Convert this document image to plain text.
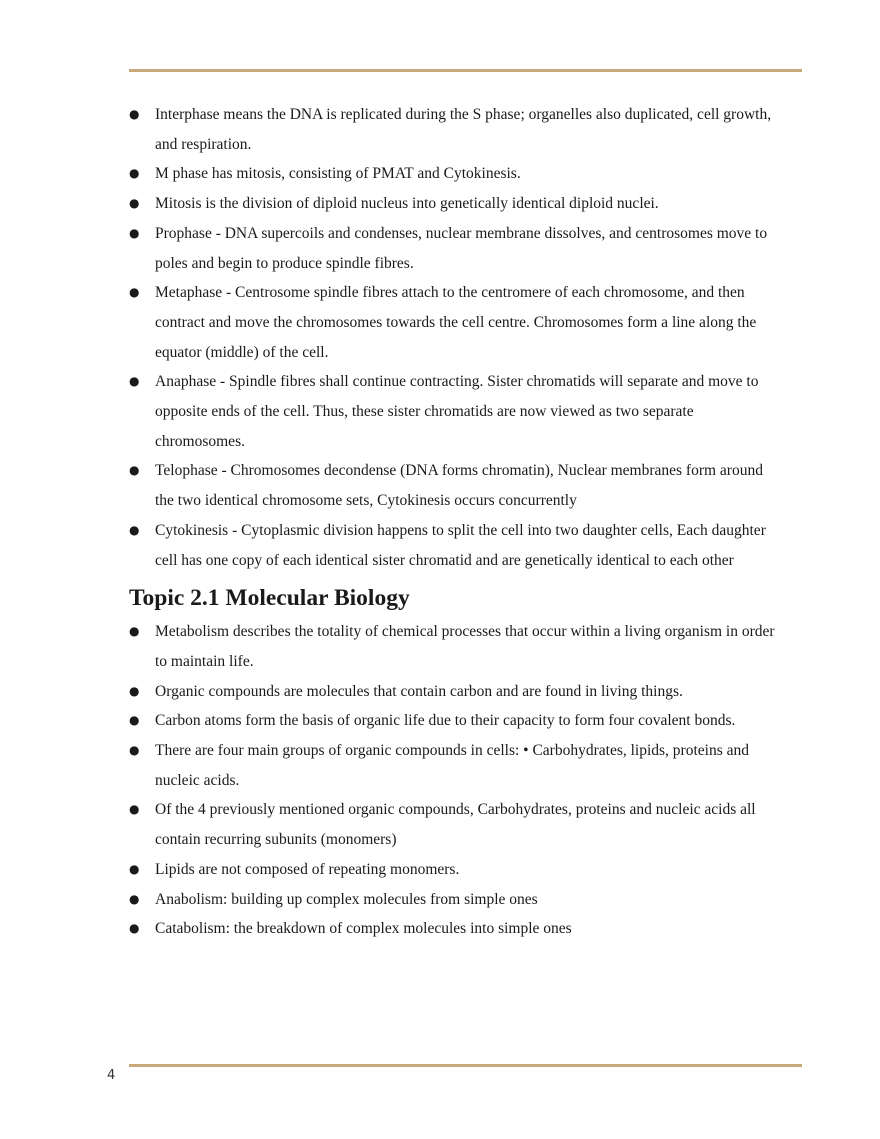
● Interphase means the DNA is replicated during the S phase; organelles also duplicated, cell growth, and respiration.
● M phase has mitosis, consisting of PMAT and Cytokinesis.
● Mitosis is the division of diploid nucleus into genetically identical diploid nuclei.
● Prophase - DNA supercoils and condenses, nuclear membrane dissolves, and centrosomes move to poles and begin to produce spindle fibres.
● Metaphase - Centrosome spindle fibres attach to the centromere of each chromosome, and then contract and move the chromosomes towards the cell centre. Chromosomes form a line along the equator (middle) of the cell.
● Anaphase - Spindle fibres shall continue contracting. Sister chromatids will separate and move to opposite ends of the cell. Thus, these sister chromatids are now viewed as two separate chromosomes.
● Telophase - Chromosomes decondense (DNA forms chromatin), Nuclear membranes form around the two identical chromosome sets, Cytokinesis occurs concurrently
● Cytokinesis - Cytoplasmic division happens to split the cell into two daughter cells, Each daughter cell has one copy of each identical sister chromatid and are genetically identical to each other
Topic 2.1 Molecular Biology
● Metabolism describes the totality of chemical processes that occur within a living organism in order to maintain life.
● Organic compounds are molecules that contain carbon and are found in living things.
● Carbon atoms form the basis of organic life due to their capacity to form four covalent bonds.
● There are four main groups of organic compounds in cells: • Carbohydrates, lipids, proteins and nucleic acids.
● Of the 4 previously mentioned organic compounds, Carbohydrates, proteins and nucleic acids all contain recurring subunits (monomers)
● Lipids are not composed of repeating monomers.
● Anabolism: building up complex molecules from simple ones
● Catabolism: the breakdown of complex molecules into simple ones
4
